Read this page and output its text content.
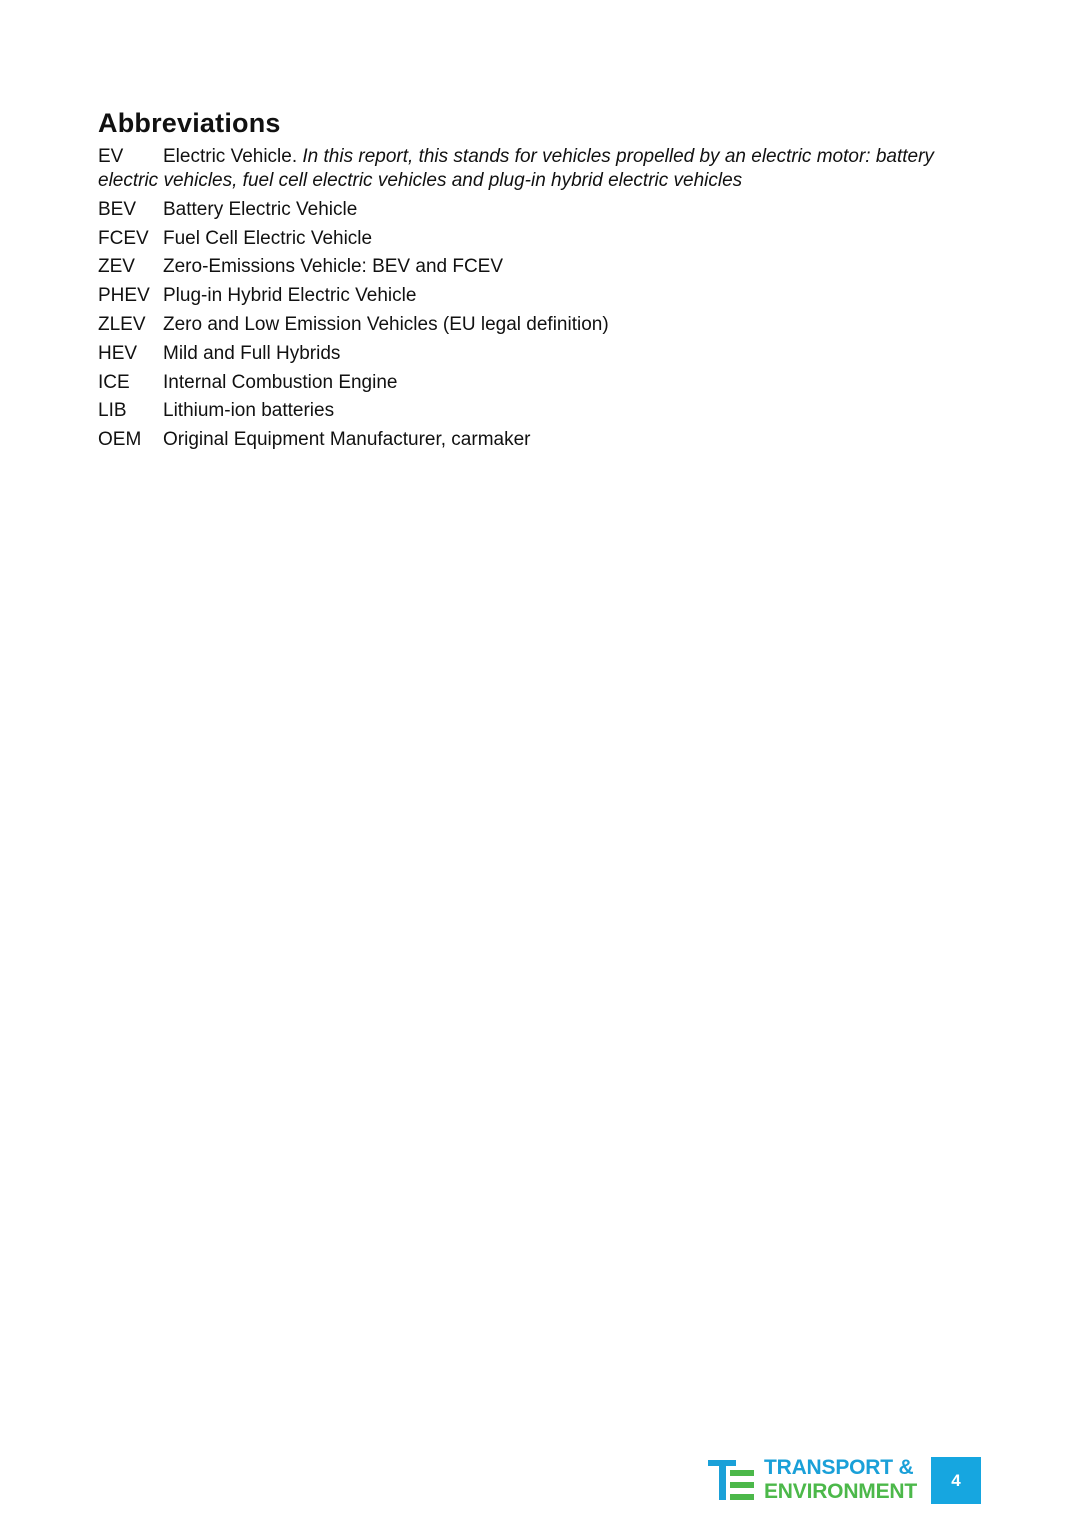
Abbreviations
EV Electric Vehicle. In this report, this stands for vehicles propelled by an electric motor: battery electric vehicles, fuel cell electric vehicles and plug-in hybrid electric vehicles
BEV Battery Electric Vehicle
FCEV Fuel Cell Electric Vehicle
ZEV Zero-Emissions Vehicle: BEV and FCEV
PHEV Plug-in Hybrid Electric Vehicle
ZLEV Zero and Low Emission Vehicles (EU legal definition)
HEV Mild and Full Hybrids
ICE Internal Combustion Engine
LIB Lithium-ion batteries
OEM Original Equipment Manufacturer, carmaker
TRANSPORT &
ENVIRONMENT	4
